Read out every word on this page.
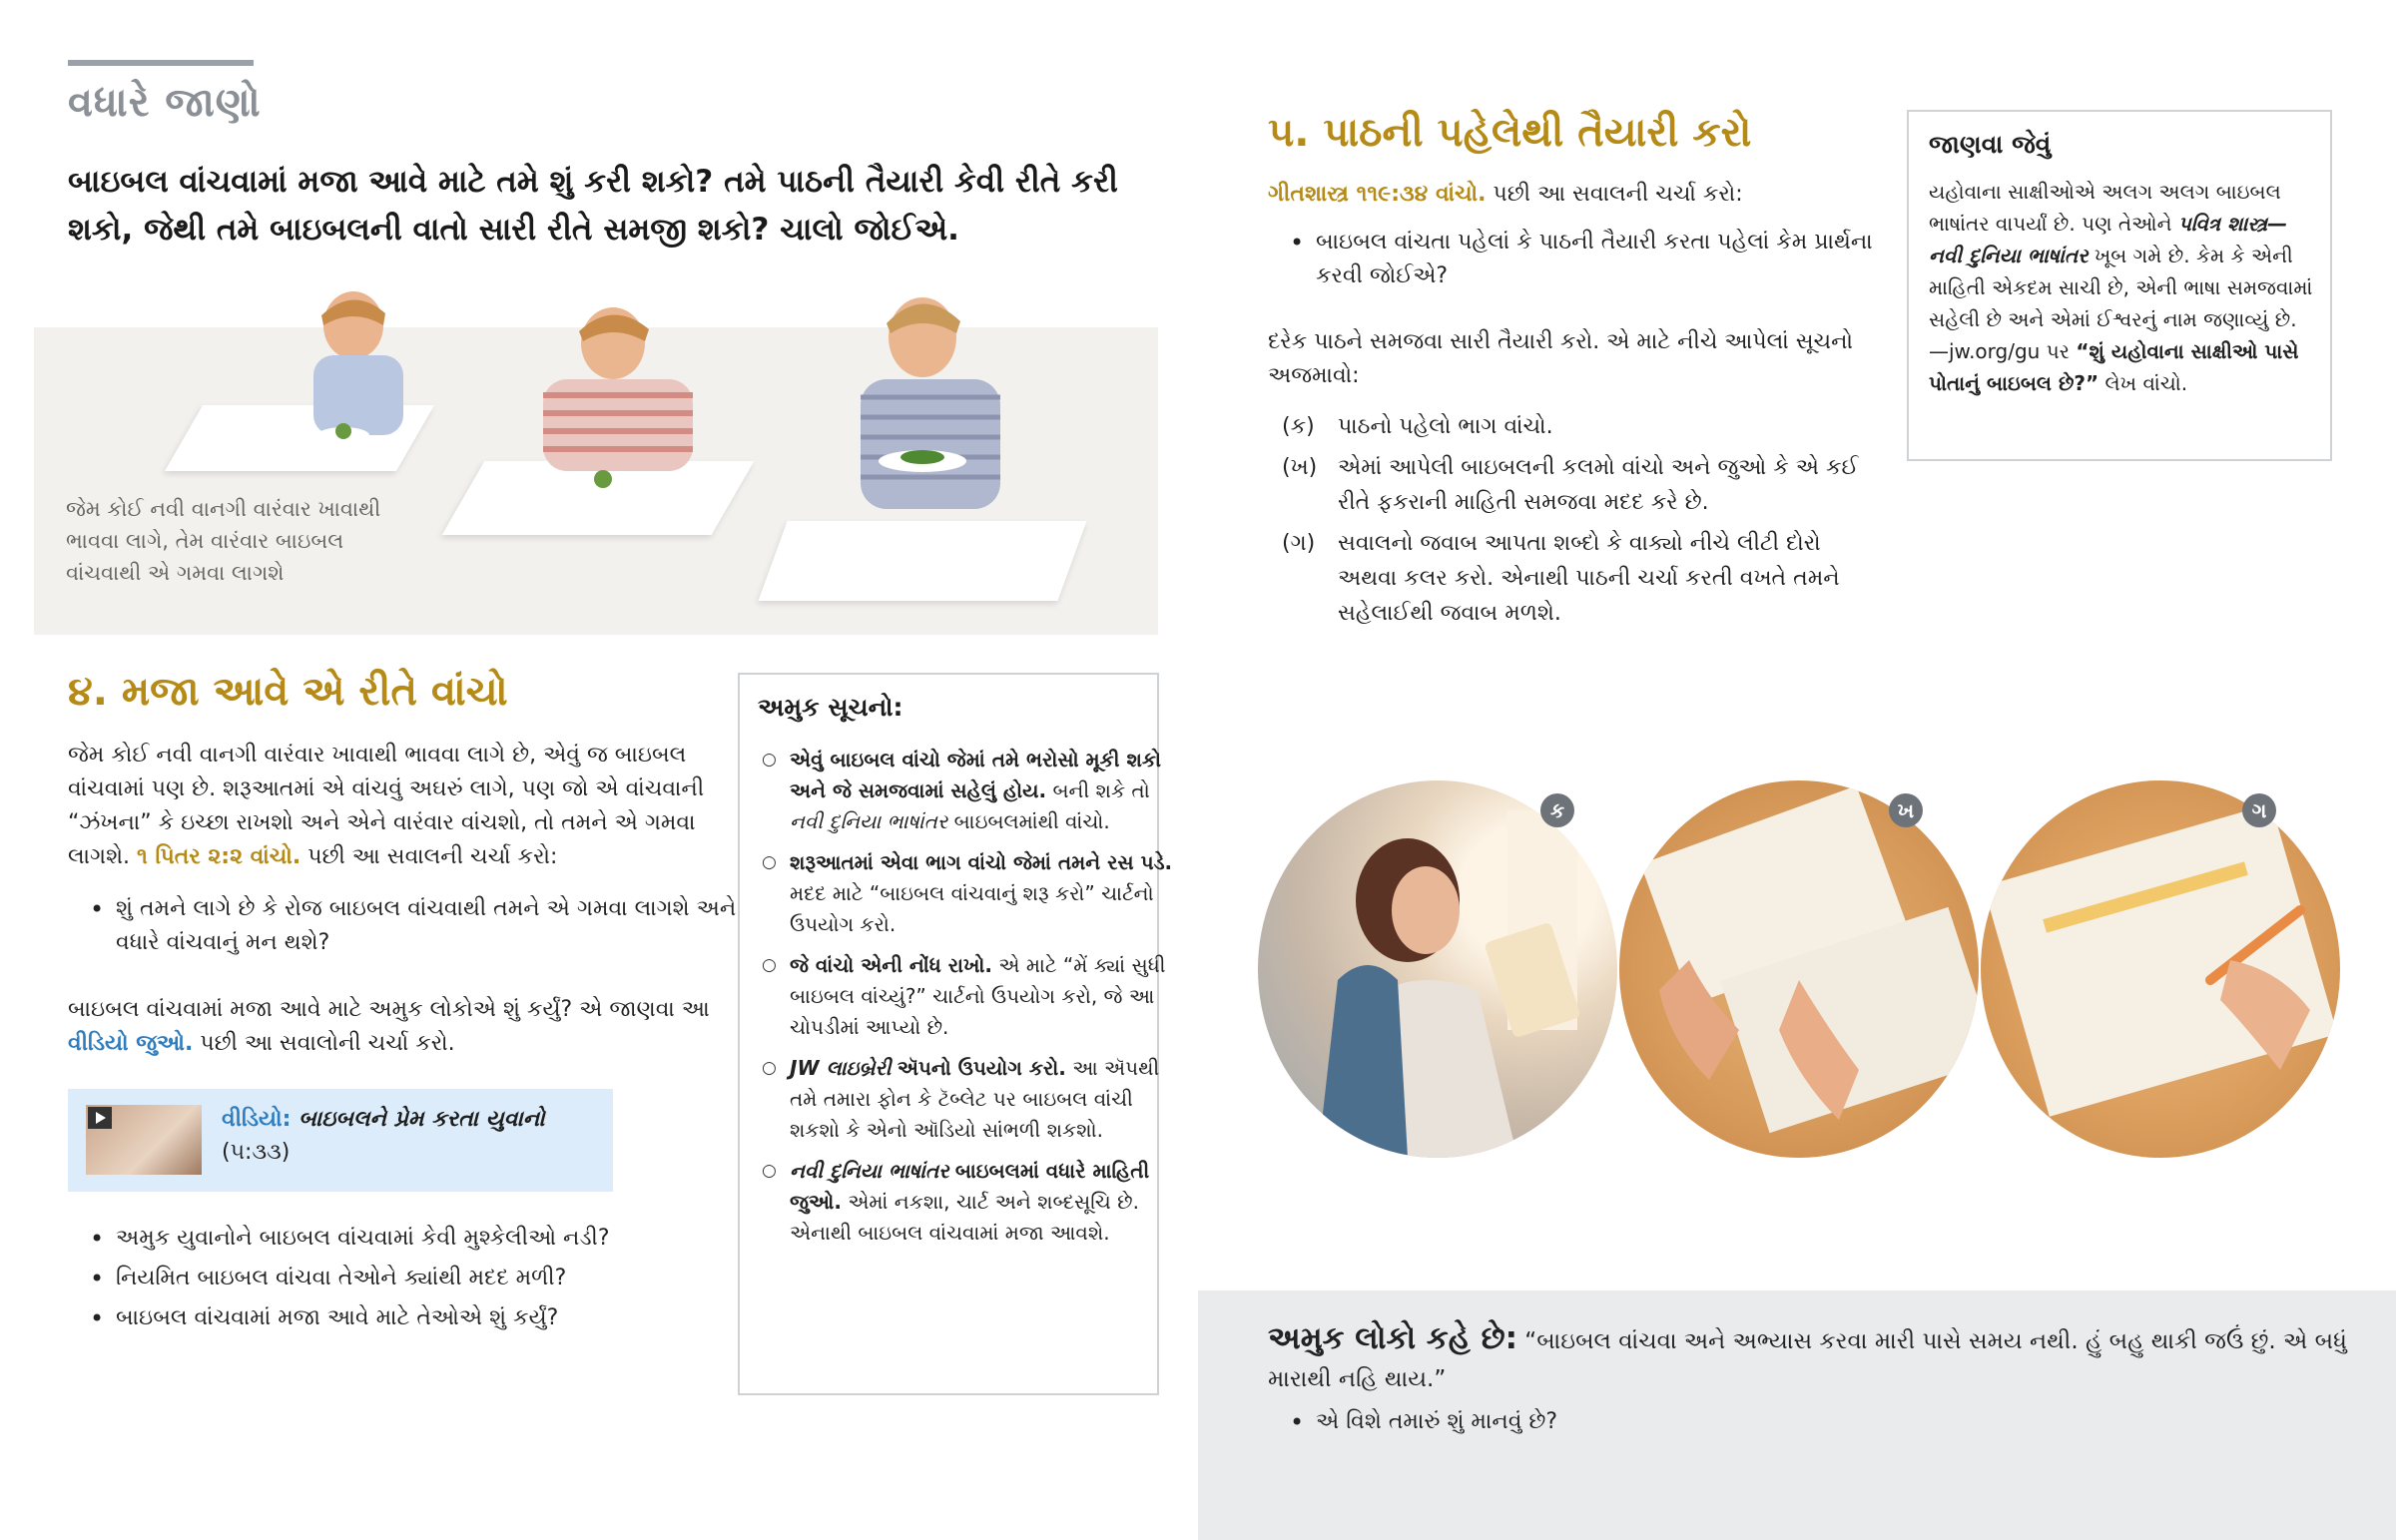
વધારે જાણો
બાઇબલ વાંચવામાં મજા આવે માટે તમે શું કરી શકો? તમે પાઠની તૈયારી કેવી રીતે કરી શકો, જેથી તમે બાઇબલની વાતો સારી રીતે સમજી શકો? ચાલો જોઈએ.
જેમ કોઈ નવી વાનગી વારંવાર ખાવાથી ભાવવા લાગે, તેમ વારંવાર બાઇબલ વાંચવાથી એ ગમવા લાગશે
૪. મજા આવે એ રીતે વાંચો
જેમ કોઈ નવી વાનગી વારંવાર ખાવાથી ભાવવા લાગે છે, એવું જ બાઇબલ વાંચવામાં પણ છે. શરૂઆતમાં એ વાંચવું અઘરું લાગે, પણ જો એ વાંચવાની “ઝંખના” કે ઇચ્છા રાખશો અને એને વારંવાર વાંચશો, તો તમને એ ગમવા લાગશે. ૧ પિતર ૨:૨ વાંચો. પછી આ સવાલની ચર્ચા કરો:
• શું તમને લાગે છે કે રોજ બાઇબલ વાંચવાથી તમને એ ગમવા લાગશે અને વધારે વાંચવાનું મન થશે?
બાઇબલ વાંચવામાં મજા આવે માટે અમુક લોકોએ શું કર્યું? એ જાણવા આ વીડિયો જુઓ. પછી આ સવાલોની ચર્ચા કરો.
વીડિયો: બાઇબલને પ્રેમ કરતા યુવાનો
(૫:૩૩)
• અમુક યુવાનોને બાઇબલ વાંચવામાં કેવી મુશ્કેલીઓ નડી?
• નિયમિત બાઇબલ વાંચવા તેઓને ક્યાંથી મદદ મળી?
• બાઇબલ વાંચવામાં મજા આવે માટે તેઓએ શું કર્યું?
અમુક સૂચનો:
○ એવું બાઇબલ વાંચો જેમાં તમે ભરોસો મૂકી શકો અને જે સમજવામાં સહેલું હોય. બની શકે તો નવી દુનિયા ભાષાંતર બાઇબલમાંથી વાંચો.
○ શરૂઆતમાં એવા ભાગ વાંચો જેમાં તમને રસ પડે. મદદ માટે “બાઇબલ વાંચવાનું શરૂ કરો” ચાર્ટનો ઉપયોગ કરો.
○ જે વાંચો એની નોંધ રાખો. એ માટે “મેં ક્યાં સુધી બાઇબલ વાંચ્યું?” ચાર્ટનો ઉપયોગ કરો, જે આ ચોપડીમાં આપ્યો છે.
○ JW લાઇબ્રેરી ઍપનો ઉપયોગ કરો. આ ઍપથી તમે તમારા ફોન કે ટૅબ્લેટ પર બાઇબલ વાંચી શકશો કે એનો ઑડિયો સાંભળી શકશો.
○ નવી દુનિયા ભાષાંતર બાઇબલમાં વધારે માહિતી જુઓ. એમાં નકશા, ચાર્ટ અને શબ્દસૂચિ છે. એનાથી બાઇબલ વાંચવામાં મજા આવશે.
૫. પાઠની પહેલેથી તૈયારી કરો
ગીતશાસ્ત્ર ૧૧૯:૩૪ વાંચો. પછી આ સવાલની ચર્ચા કરો:
• બાઇબલ વાંચતા પહેલાં કે પાઠની તૈયારી કરતા પહેલાં કેમ પ્રાર્થના કરવી જોઈએ?
દરેક પાઠને સમજવા સારી તૈયારી કરો. એ માટે નીચે આપેલાં સૂચનો અજમાવો:
(ક) પાઠનો પહેલો ભાગ વાંચો.
(ખ) એમાં આપેલી બાઇબલની કલમો વાંચો અને જુઓ કે એ કઈ રીતે ફકરાની માહિતી સમજવા મદદ કરે છે.
(ગ) સવાલનો જવાબ આપતા શબ્દો કે વાક્યો નીચે લીટી દોરો અથવા કલર કરો. એનાથી પાઠની ચર્ચા કરતી વખતે તમને સહેલાઈથી જવાબ મળશે.
જાણવા જેવું
યહોવાના સાક્ષીઓએ અલગ અલગ બાઇબલ ભાષાંતર વાપર્યાં છે. પણ તેઓને પવિત્ર શાસ્ત્ર—નવી દુનિયા ભાષાંતર ખૂબ ગમે છે. કેમ કે એની માહિતી એકદમ સાચી છે, એની ભાષા સમજવામાં સહેલી છે અને એમાં ઈશ્વરનું નામ જણાવ્યું છે.—jw.org/gu પર “શું યહોવાના સાક્ષીઓ પાસે પોતાનું બાઇબલ છે?” લેખ વાંચો.
ક	ખ	ગ
અમુક લોકો કહે છે: “બાઇબલ વાંચવા અને અભ્યાસ કરવા મારી પાસે સમય નથી. હું બહુ થાકી જઉં છું. એ બધું મારાથી નહિ થાય.”
• એ વિશે તમારું શું માનવું છે?
